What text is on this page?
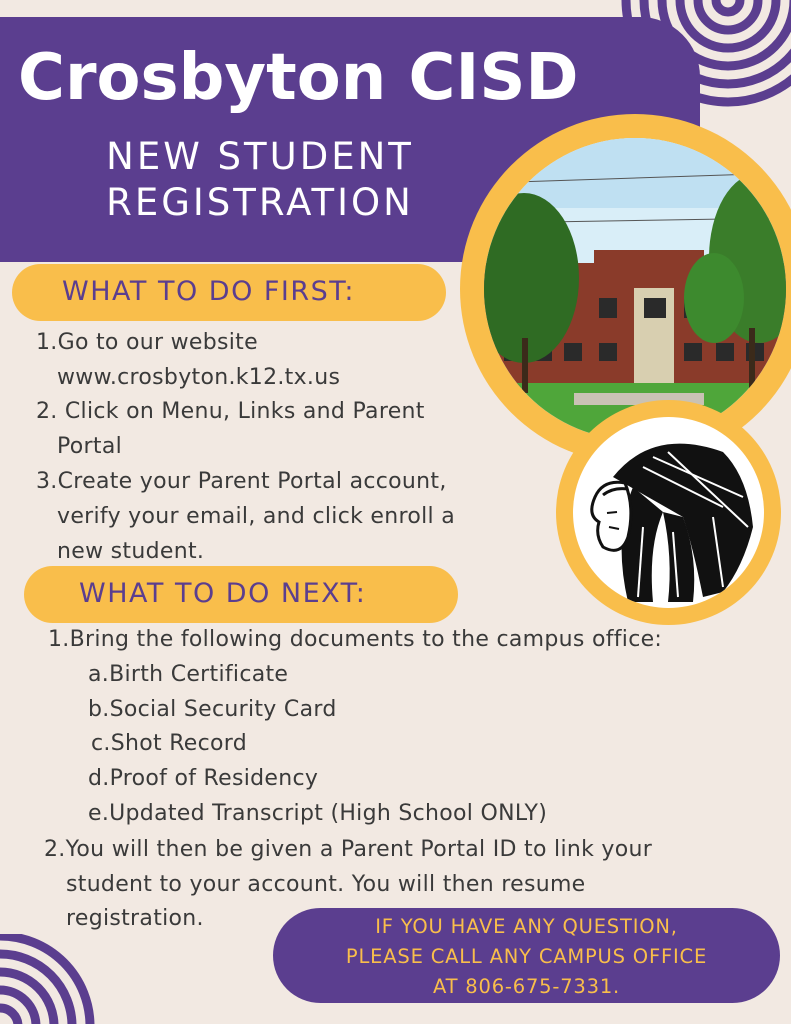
Crosbyton CISD
NEW STUDENT
REGISTRATION
WHAT TO DO FIRST:
1.Go to our website
www.crosbyton.k12.tx.us
2. Click on Menu, Links and Parent
Portal
3.Create your Parent Portal account,
verify your email, and click enroll a
new student.
WHAT TO DO NEXT:
1.Bring the following documents to the campus office:
a.Birth Certificate
b.Social Security Card
c.Shot Record
d.Proof of Residency
e.Updated Transcript (High School ONLY)
2.You will then be given a Parent Portal ID to link your
student to your account. You will then resume
registration.	IF YOU HAVE ANY QUESTION,
PLEASE CALL ANY CAMPUS OFFICE
AT 806-675-7331.
